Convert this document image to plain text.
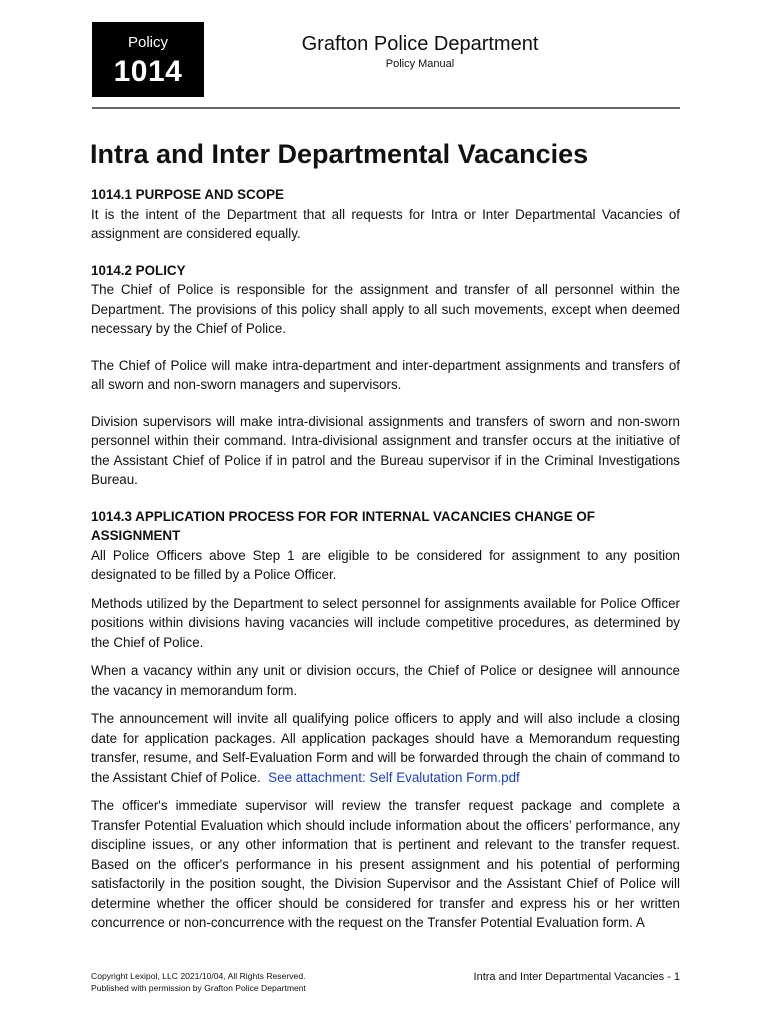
Policy
1014
Grafton Police Department
Policy Manual
Intra and Inter Departmental Vacancies

1014.1 PURPOSE AND SCOPE

It is the intent of the Department that all requests for Intra or Inter Departmental Vacancies of assignment are considered equally.

1014.2 POLICY

The Chief of Police is responsible for the assignment and transfer of all personnel within the Department. The provisions of this policy shall apply to all such movements, except when deemed necessary by the Chief of Police.

The Chief of Police will make intra-department and inter-department assignments and transfers of all sworn and non-sworn managers and supervisors.

Division supervisors will make intra-divisional assignments and transfers of sworn and non-sworn personnel within their command. Intra-divisional assignment and transfer occurs at the initiative of the Assistant Chief of Police if in patrol and the Bureau supervisor if in the Criminal Investigations Bureau.

1014.3 APPLICATION PROCESS FOR FOR INTERNAL VACANCIES CHANGE OF ASSIGNMENT

All Police Officers above Step 1 are eligible to be considered for assignment to any position designated to be filled by a Police Officer.

Methods utilized by the Department to select personnel for assignments available for Police Officer positions within divisions having vacancies will include competitive procedures, as determined by the Chief of Police.

When a vacancy within any unit or division occurs, the Chief of Police or designee will announce the vacancy in memorandum form.

The announcement will invite all qualifying police officers to apply and will also include a closing date for application packages. All application packages should have a Memorandum requesting transfer, resume, and Self-Evaluation Form and will be forwarded through the chain of command to the Assistant Chief of Police. See attachment: Self Evalutation Form.pdf

The officer's immediate supervisor will review the transfer request package and complete a Transfer Potential Evaluation which should include information about the officers’ performance, any discipline issues, or any other information that is pertinent and relevant to the transfer request. Based on the officer's performance in his present assignment and his potential of performing satisfactorily in the position sought, the Division Supervisor and the Assistant Chief of Police will determine whether the officer should be considered for transfer and express his or her written concurrence or non-concurrence with the request on the Transfer Potential Evaluation form. A

Copyright Lexipol, LLC 2021/10/04, All Rights Reserved.
Published with permission by Grafton Police Department
Intra and Inter Departmental Vacancies - 1
